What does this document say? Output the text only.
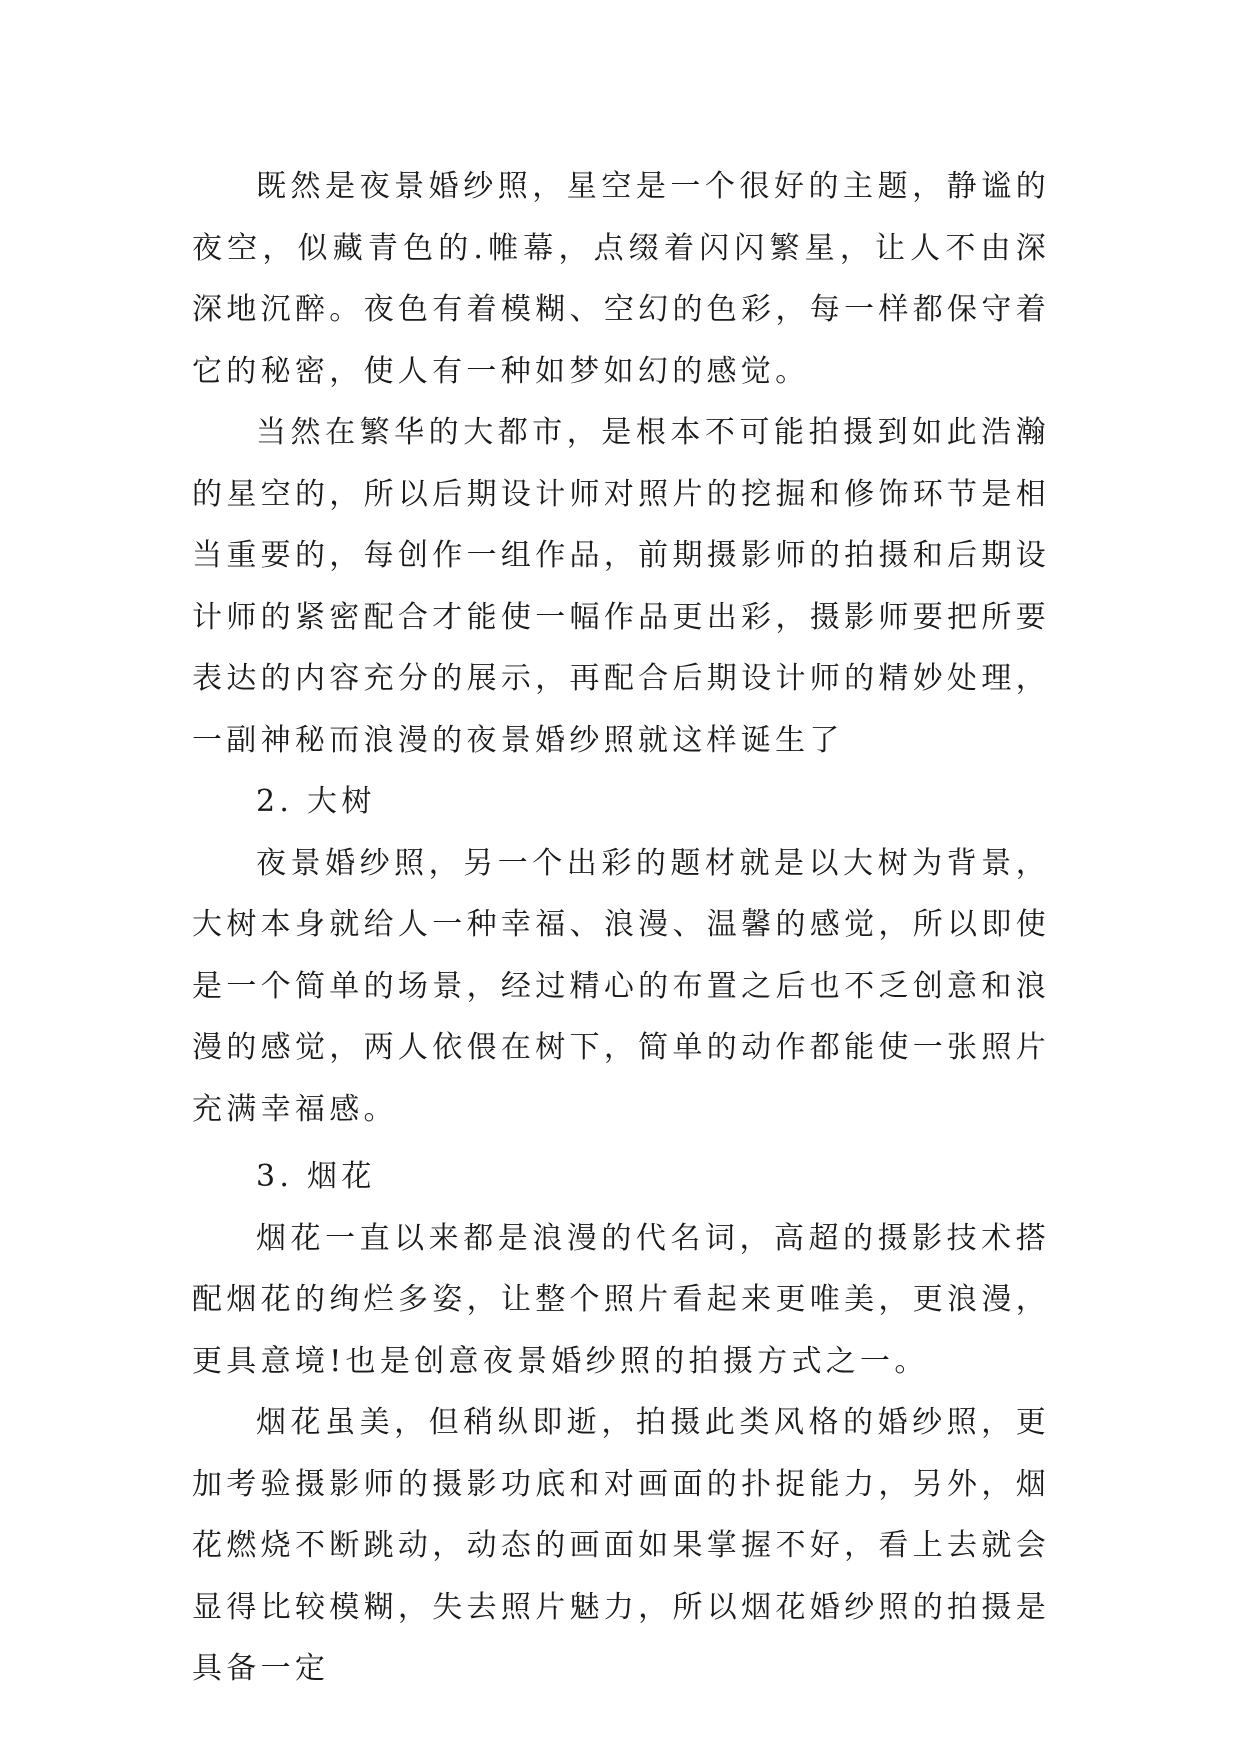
既然是夜景婚纱照，星空是一个很好的主题，静谧的夜空，似藏青色的.帷幕，点缀着闪闪繁星，让人不由深深地沉醉。夜色有着模糊、空幻的色彩，每一样都保守着它的秘密，使人有一种如梦如幻的感觉。

当然在繁华的大都市，是根本不可能拍摄到如此浩瀚的星空的，所以后期设计师对照片的挖掘和修饰环节是相当重要的，每创作一组作品，前期摄影师的拍摄和后期设计师的紧密配合才能使一幅作品更出彩，摄影师要把所要表达的内容充分的展示，再配合后期设计师的精妙处理，一副神秘而浪漫的夜景婚纱照就这样诞生了

2. 大树

夜景婚纱照，另一个出彩的题材就是以大树为背景，大树本身就给人一种幸福、浪漫、温馨的感觉，所以即使是一个简单的场景，经过精心的布置之后也不乏创意和浪漫的感觉，两人依偎在树下，简单的动作都能使一张照片充满幸福感。

3. 烟花

烟花一直以来都是浪漫的代名词，高超的摄影技术搭配烟花的绚烂多姿，让整个照片看起来更唯美，更浪漫，更具意境!也是创意夜景婚纱照的拍摄方式之一。

烟花虽美，但稍纵即逝，拍摄此类风格的婚纱照，更加考验摄影师的摄影功底和对画面的扑捉能力，另外，烟花燃烧不断跳动，动态的画面如果掌握不好，看上去就会显得比较模糊，失去照片魅力，所以烟花婚纱照的拍摄是具备一定
